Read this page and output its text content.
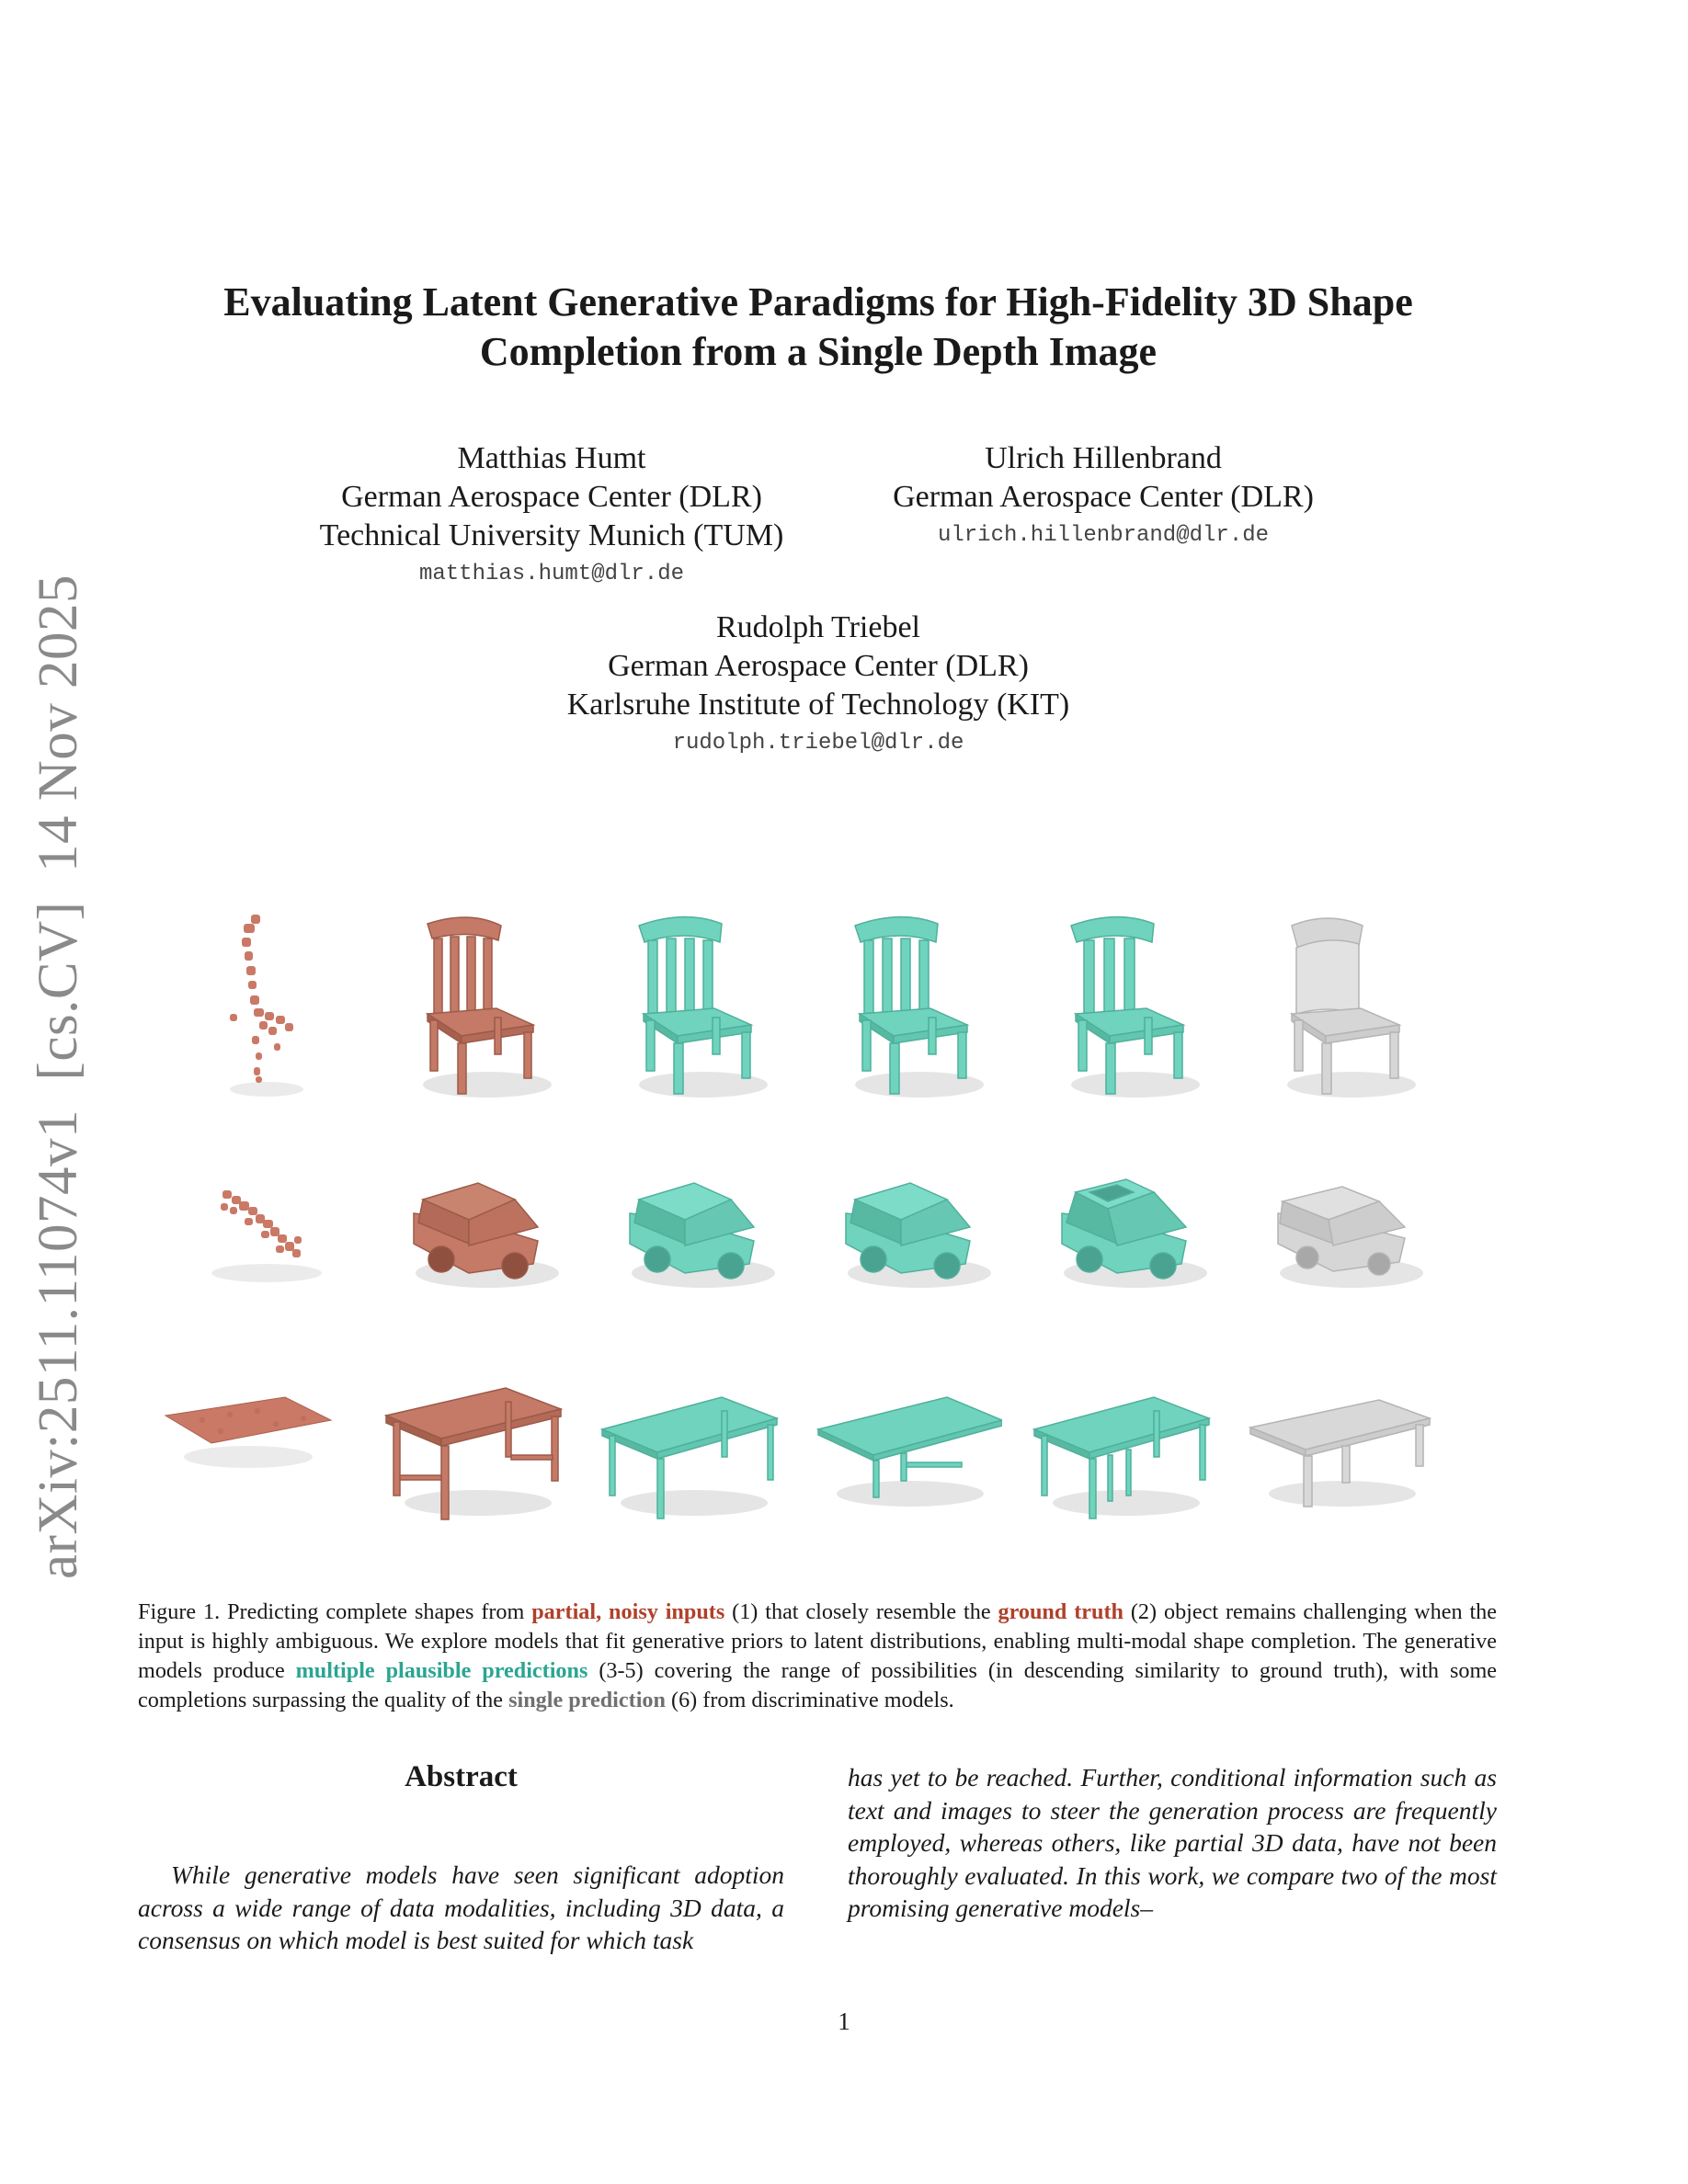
arXiv:2511.11074v1  [cs.CV]  14 Nov 2025
Evaluating Latent Generative Paradigms for High-Fidelity 3D Shape
Completion from a Single Depth Image
Matthias Humt
German Aerospace Center (DLR)
Technical University Munich (TUM)
matthias.humt@dlr.de
Ulrich Hillenbrand
German Aerospace Center (DLR)
ulrich.hillenbrand@dlr.de
Rudolph Triebel
German Aerospace Center (DLR)
Karlsruhe Institute of Technology (KIT)
rudolph.triebel@dlr.de
Figure 1. Predicting complete shapes from partial, noisy inputs (1) that closely resemble the ground truth (2) object remains challenging when the input is highly ambiguous. We explore models that fit generative priors to latent distributions, enabling multi-modal shape completion. The generative models produce multiple plausible predictions (3-5) covering the range of possibilities (in descending similarity to ground truth), with some completions surpassing the quality of the single prediction (6) from discriminative models.
Abstract

While generative models have seen significant adoption across a wide range of data modalities, including 3D data, a consensus on which model is best suited for which task

has yet to be reached. Further, conditional information such as text and images to steer the generation process are frequently employed, whereas others, like partial 3D data, have not been thoroughly evaluated. In this work, we compare two of the most promising generative models–

1
